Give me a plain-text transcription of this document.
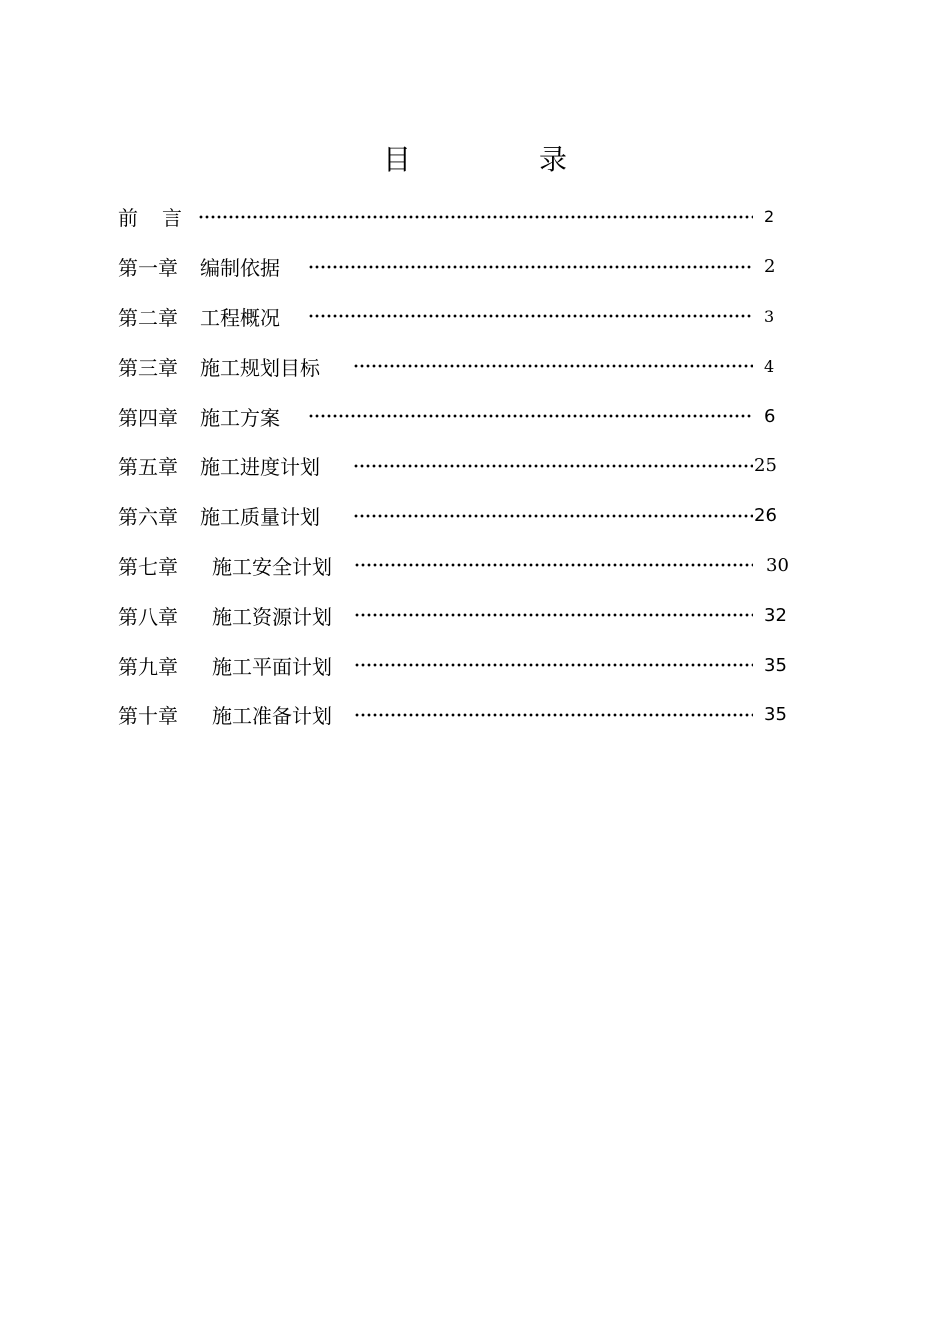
目　录
前　言	2
第一章 编制依据	2
第二章 工程概况	3
第三章 施工规划目标	4
第四章 施工方案	6
第五章 施工进度计划	25
第六章 施工质量计划	26
第七章 施工安全计划	30
第八章 施工资源计划	32
第九章 施工平面计划	35
第十章 施工准备计划	35
